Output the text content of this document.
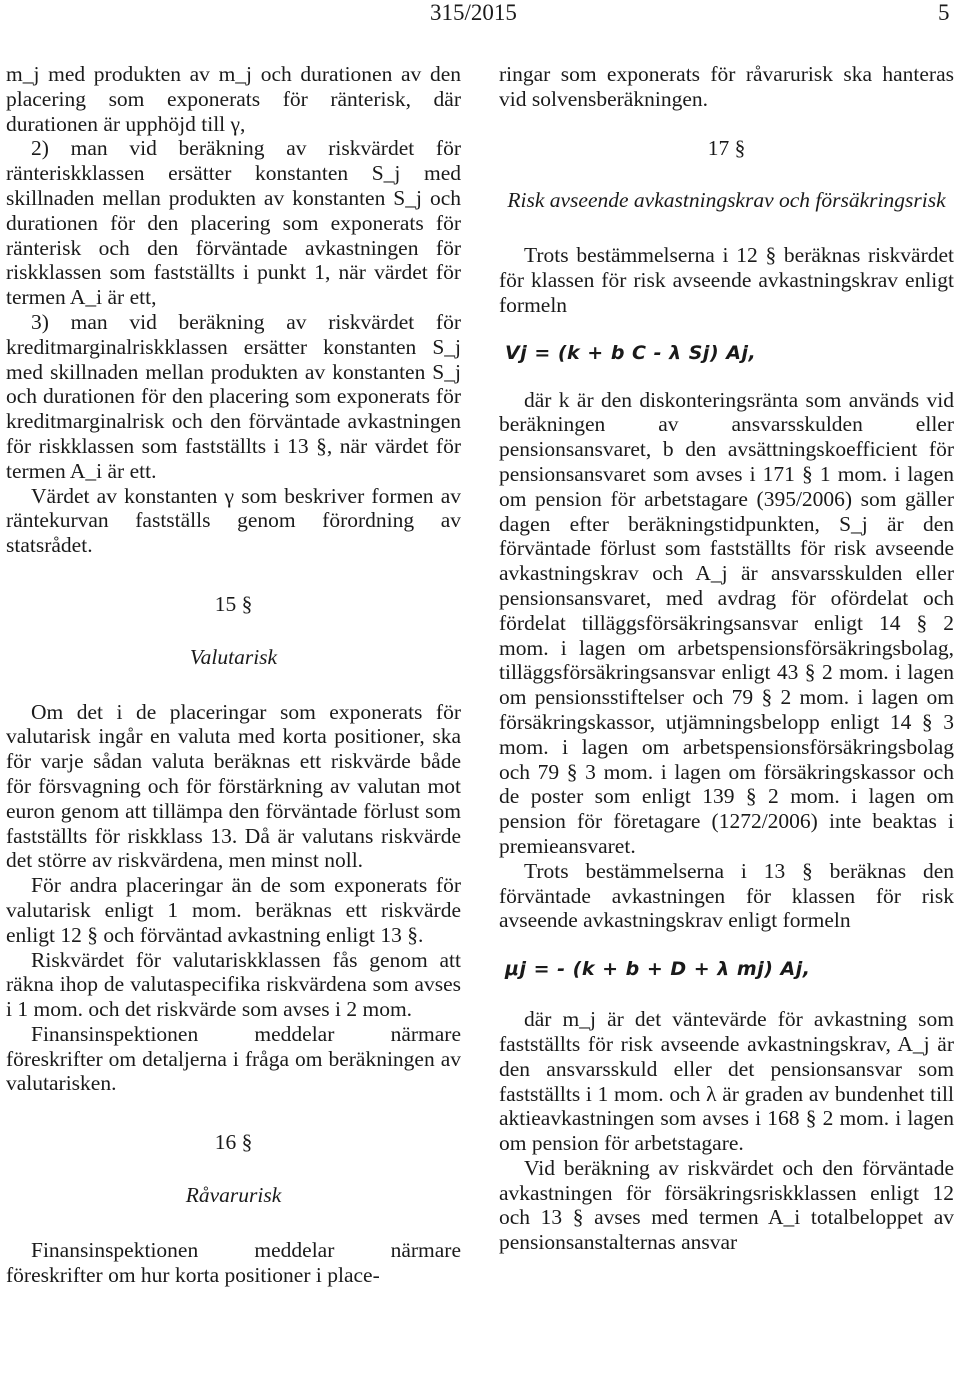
315/2015	5

m_j med produkten av m_j och durationen av den placering som exponerats för ränterisk, där durationen är upphöjd till γ,

2) man vid beräkning av riskvärdet för ränteriskklassen ersätter konstanten S_j med skillnaden mellan produkten av konstanten S_j och durationen för den placering som exponerats för ränterisk och den förväntade avkastningen för riskklassen som fastställts i punkt 1, när värdet för termen A_i är ett,

3) man vid beräkning av riskvärdet för kreditmarginalriskklassen ersätter konstanten S_j med skillnaden mellan produkten av konstanten S_j och durationen för den placering som exponerats för kreditmarginalrisk och den förväntade avkastningen för riskklassen som fastställts i 13 §, när värdet för termen A_i är ett.

Värdet av konstanten γ som beskriver formen av räntekurvan fastställs genom förordning av statsrådet.

15 §
Valutarisk

Om det i de placeringar som exponerats för valutarisk ingår en valuta med korta positioner, ska för varje sådan valuta beräknas ett riskvärde både för försvagning och för förstärkning av valutan mot euron genom att tillämpa den förväntade förlust som fastställts för riskklass 13. Då är valutans riskvärde det större av riskvärdena, men minst noll.

För andra placeringar än de som exponerats för valutarisk enligt 1 mom. beräknas ett riskvärde enligt 12 § och förväntad avkastning enligt 13 §.

Riskvärdet för valutariskklassen fås genom att räkna ihop de valutaspecifika riskvärdena som avses i 1 mom. och det riskvärde som avses i 2 mom.

Finansinspektionen meddelar närmare föreskrifter om detaljerna i fråga om beräkningen av valutarisken.

16 §
Råvarurisk

Finansinspektionen meddelar närmare föreskrifter om hur korta positioner i place-

ringar som exponerats för råvarurisk ska hanteras vid solvensberäkningen.

17 §
Risk avseende avkastningskrav och försäkringsrisk

Trots bestämmelserna i 12 § beräknas riskvärdet för klassen för risk avseende avkastningskrav enligt formeln

Vj = (k + b C - λ Sj) Aj,

där k är den diskonteringsränta som används vid beräkningen av ansvarsskulden eller pensionsansvaret, b den avsättningskoefficient för pensionsansvaret som avses i 171 § 1 mom. i lagen om pension för arbetstagare (395/2006) som gäller dagen efter beräkningstidpunkten, S_j är den förväntade förlust som fastställts för risk avseende avkastningskrav och A_j är ansvarsskulden eller pensionsansvaret, med avdrag för ofördelat och fördelat tilläggsförsäkringsansvar enligt 14 § 2 mom. i lagen om arbetspensionsförsäkringsbolag, tilläggsförsäkringsansvar enligt 43 § 2 mom. i lagen om pensionsstiftelser och 79 § 2 mom. i lagen om försäkringskassor, utjämningsbelopp enligt 14 § 3 mom. i lagen om arbetspensionsförsäkringsbolag och 79 § 3 mom. i lagen om försäkringskassor och de poster som enligt 139 § 2 mom. i lagen om pension för företagare (1272/2006) inte beaktas i premieansvaret.

Trots bestämmelserna i 13 § beräknas den förväntade avkastningen för klassen för risk avseende avkastningskrav enligt formeln

μj = - (k + b + D + λ mj) Aj,

där m_j är det väntevärde för avkastning som fastställts för risk avseende avkastningskrav, A_j är den ansvarsskuld eller det pensionsansvar som fastställts i 1 mom. och λ är graden av bundenhet till aktieavkastningen som avses i 168 § 2 mom. i lagen om pension för arbetstagare.

Vid beräkning av riskvärdet och den förväntade avkastningen för försäkringsriskklassen enligt 12 och 13 § avses med termen A_i totalbeloppet av pensionsanstalternas ansvar
